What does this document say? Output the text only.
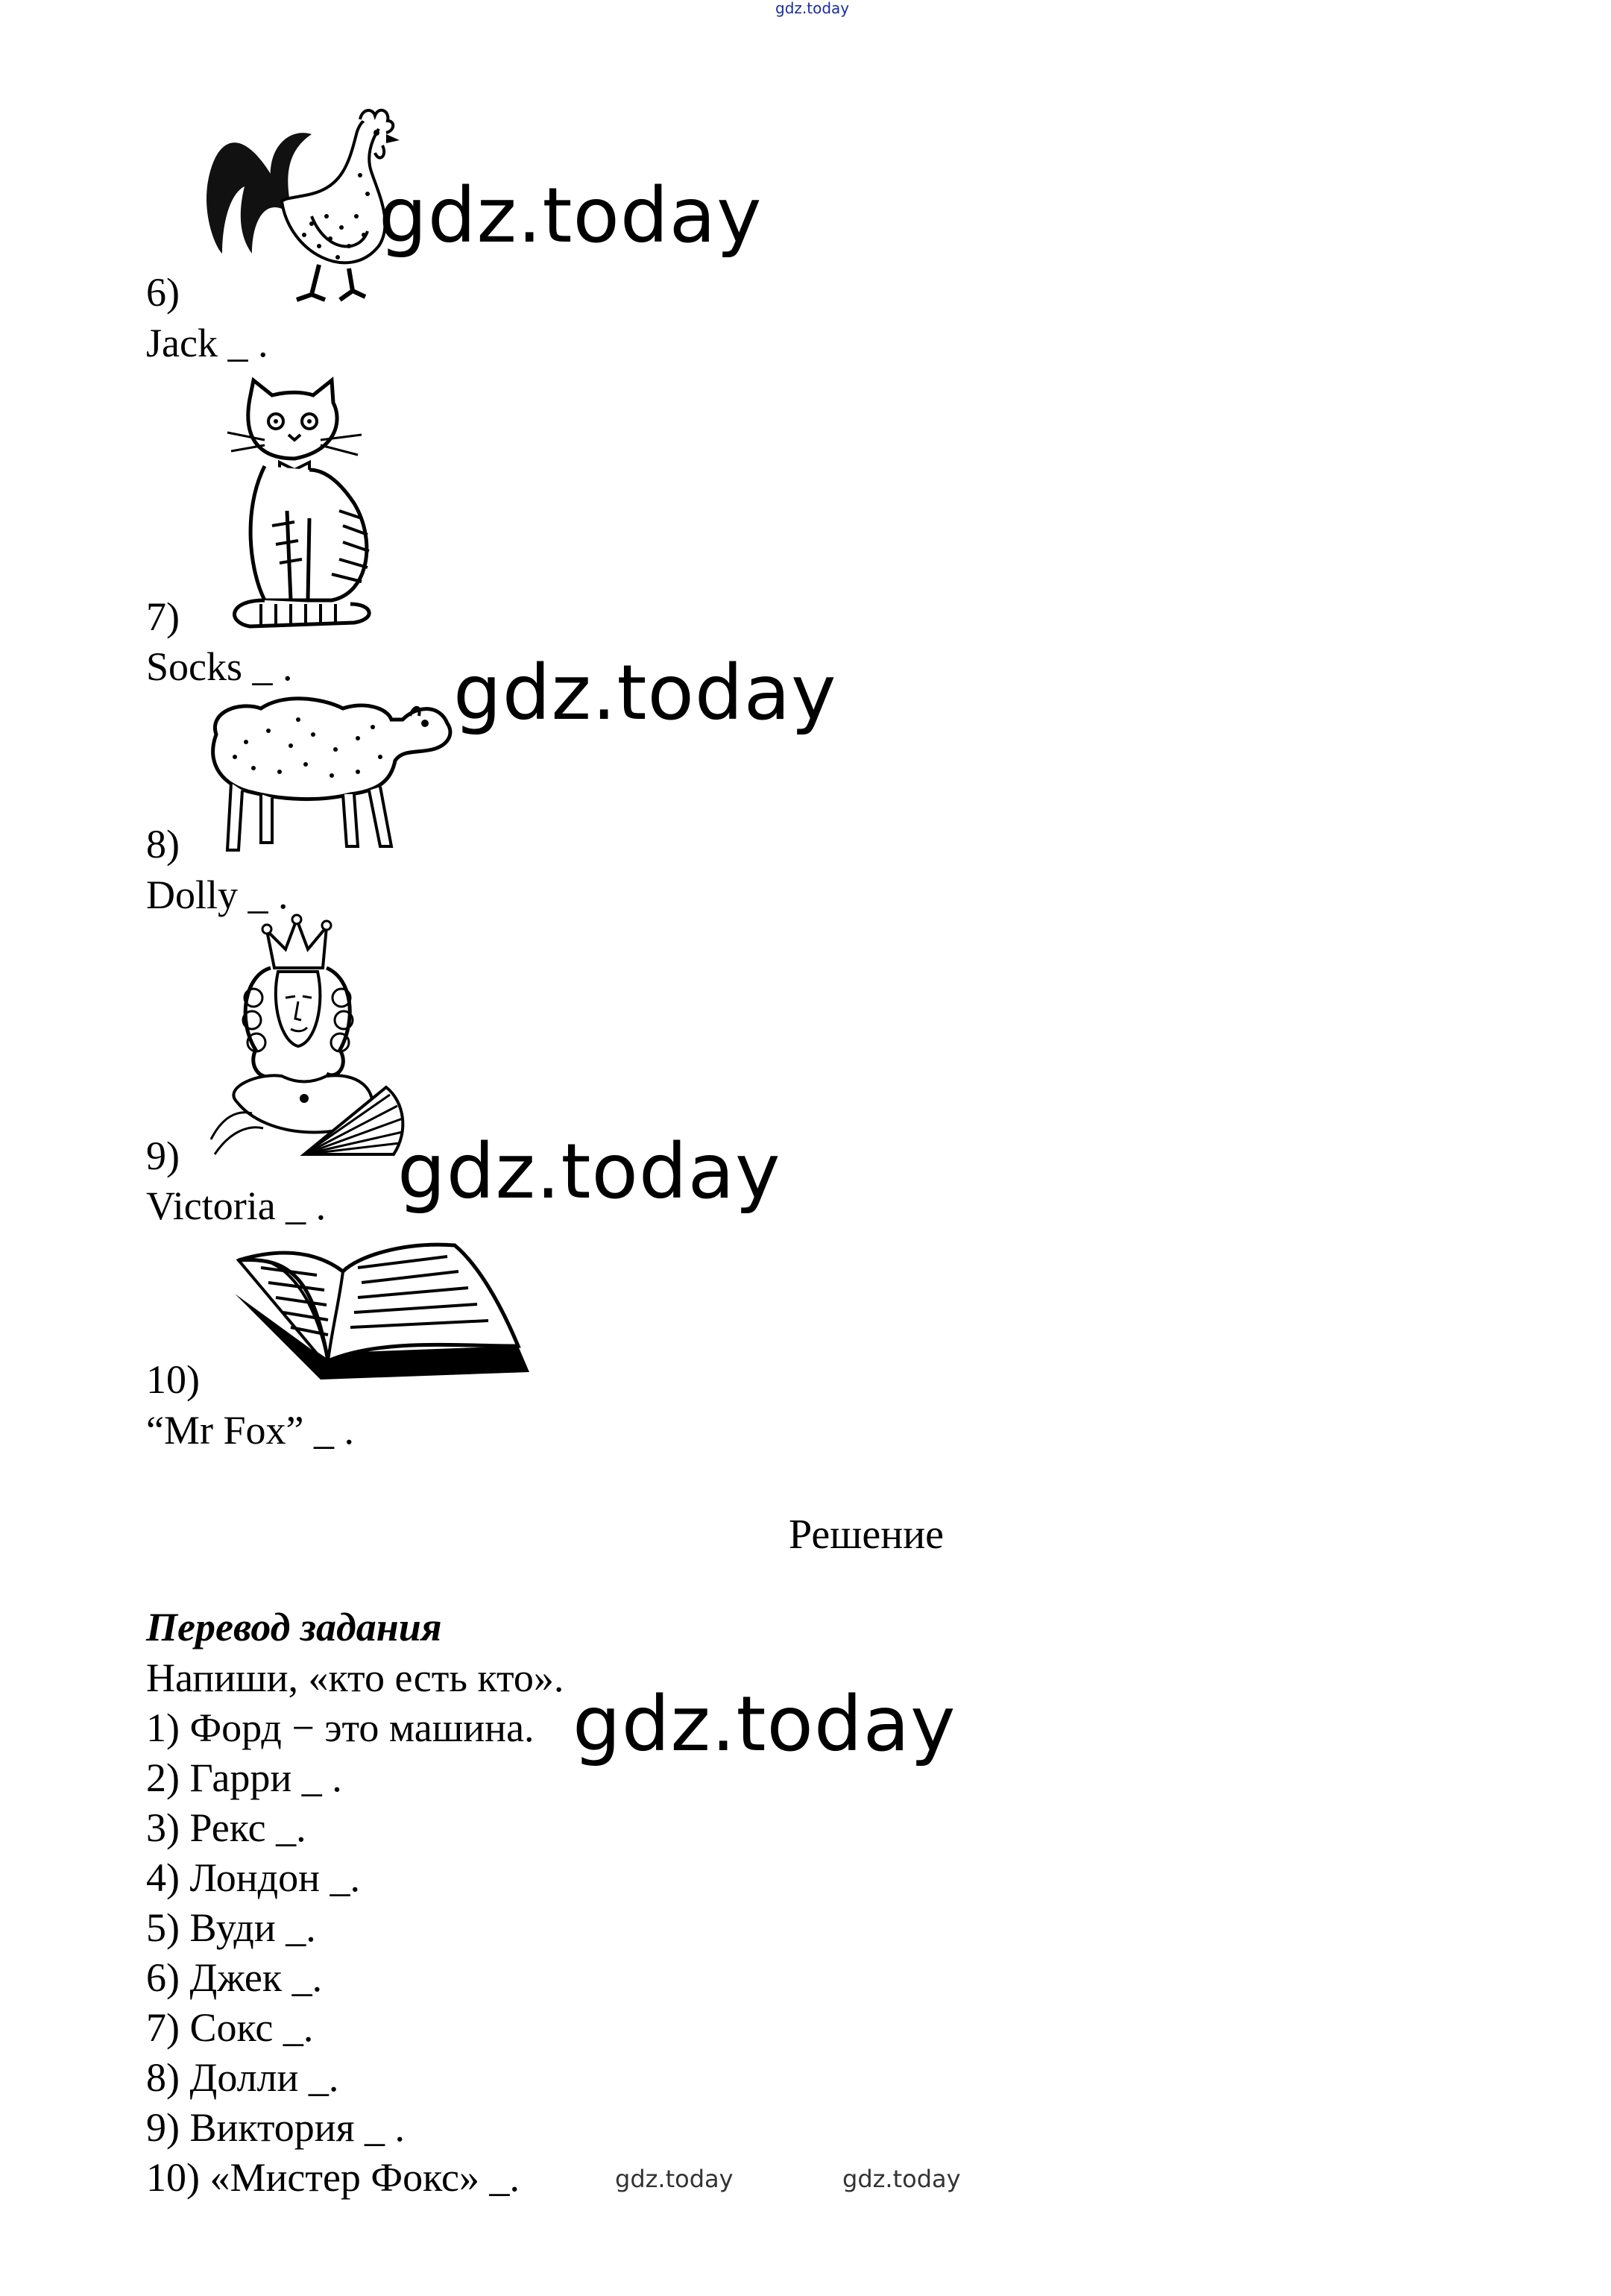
gdz.today
gdz.today
6)
Jack _ .
7)
Socks _ . gdz.today
8)
Dolly _ .
9)
Victoria _ . gdz.today
10)
“Mr Fox” _ .
Решение
Перевод задания
Напиши, «кто есть кто».
1) Форд − это машина.
2) Гарри _ .
3) Рекс _.
4) Лондон _.
5) Вуди _.
6) Джек _.
7) Сокс _.
8) Долли _.
9) Виктория _ .
10) «Мистер Фокс» _.
gdz.today
gdz.today	gdz.today
